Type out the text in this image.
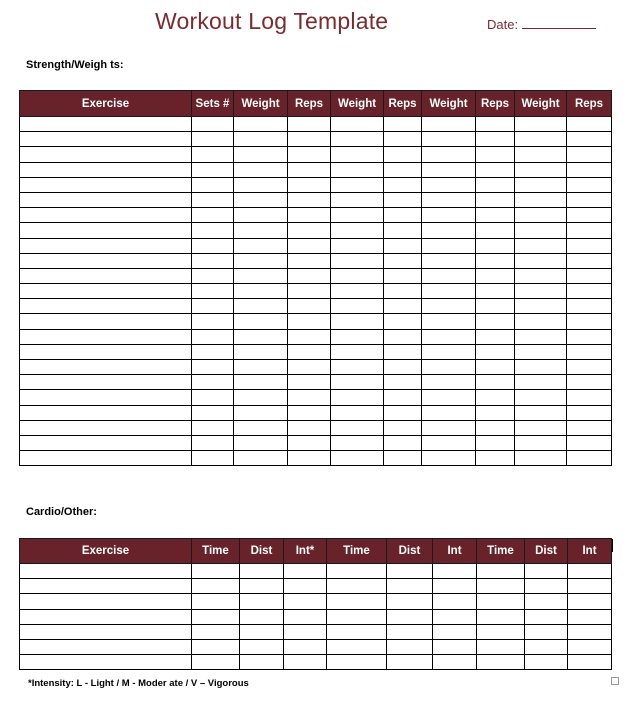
Workout Log Template	Date:
Strength/Weigh ts:
Exercise	Sets #	Weight	Reps	Weight	Reps	Weight	Reps	Weight	Reps

Cardio/Other:
Exercise	Time	Dist	Int*	Time	Dist	Int	Time	Dist	Int

*Intensity: L - Light / M - Moder ate / V – Vigorous
